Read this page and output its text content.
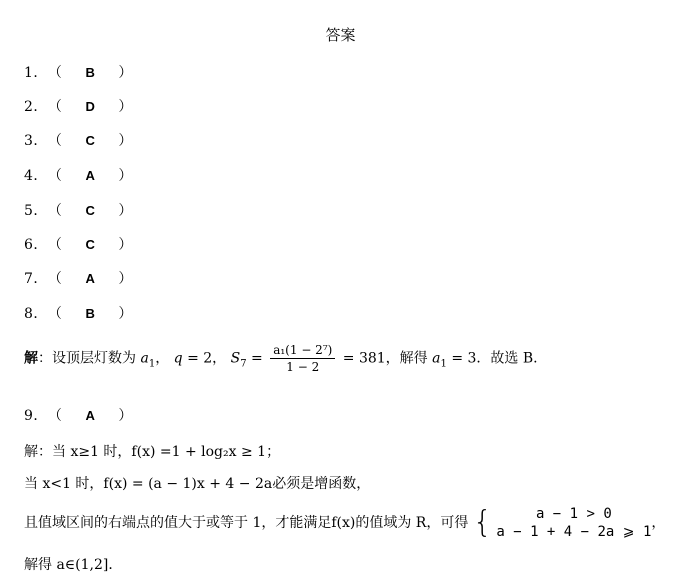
答案
1．（ B ）
2．（ D ）
3．（ C ）
4．（ A ）
5．（ C ）
6．（ C ）
7．（ A ）
8．（ B ）
9．（ A ）
解：设顶层灯数为 $a_1$， q = 2， $S_7 = \frac{\text{a₁(1 − 2⁷)}}{1 - 2} = 381$，解得 $a_1 = 3$．故选 B.
解：当 x≥1 时，f(x) =1 + log₂x ≥ 1；
当 x<1 时，f(x) = (a − 1)x + 4 − 2a必须是增函数，
且值域区间的右端点的值大于或等于 1，才能满足f(x)的值域为 R，可得 {	a − 1 > 0
a − 1 + 4 − 2a ⩾ 1
，
解得 a∈(1,2]．
